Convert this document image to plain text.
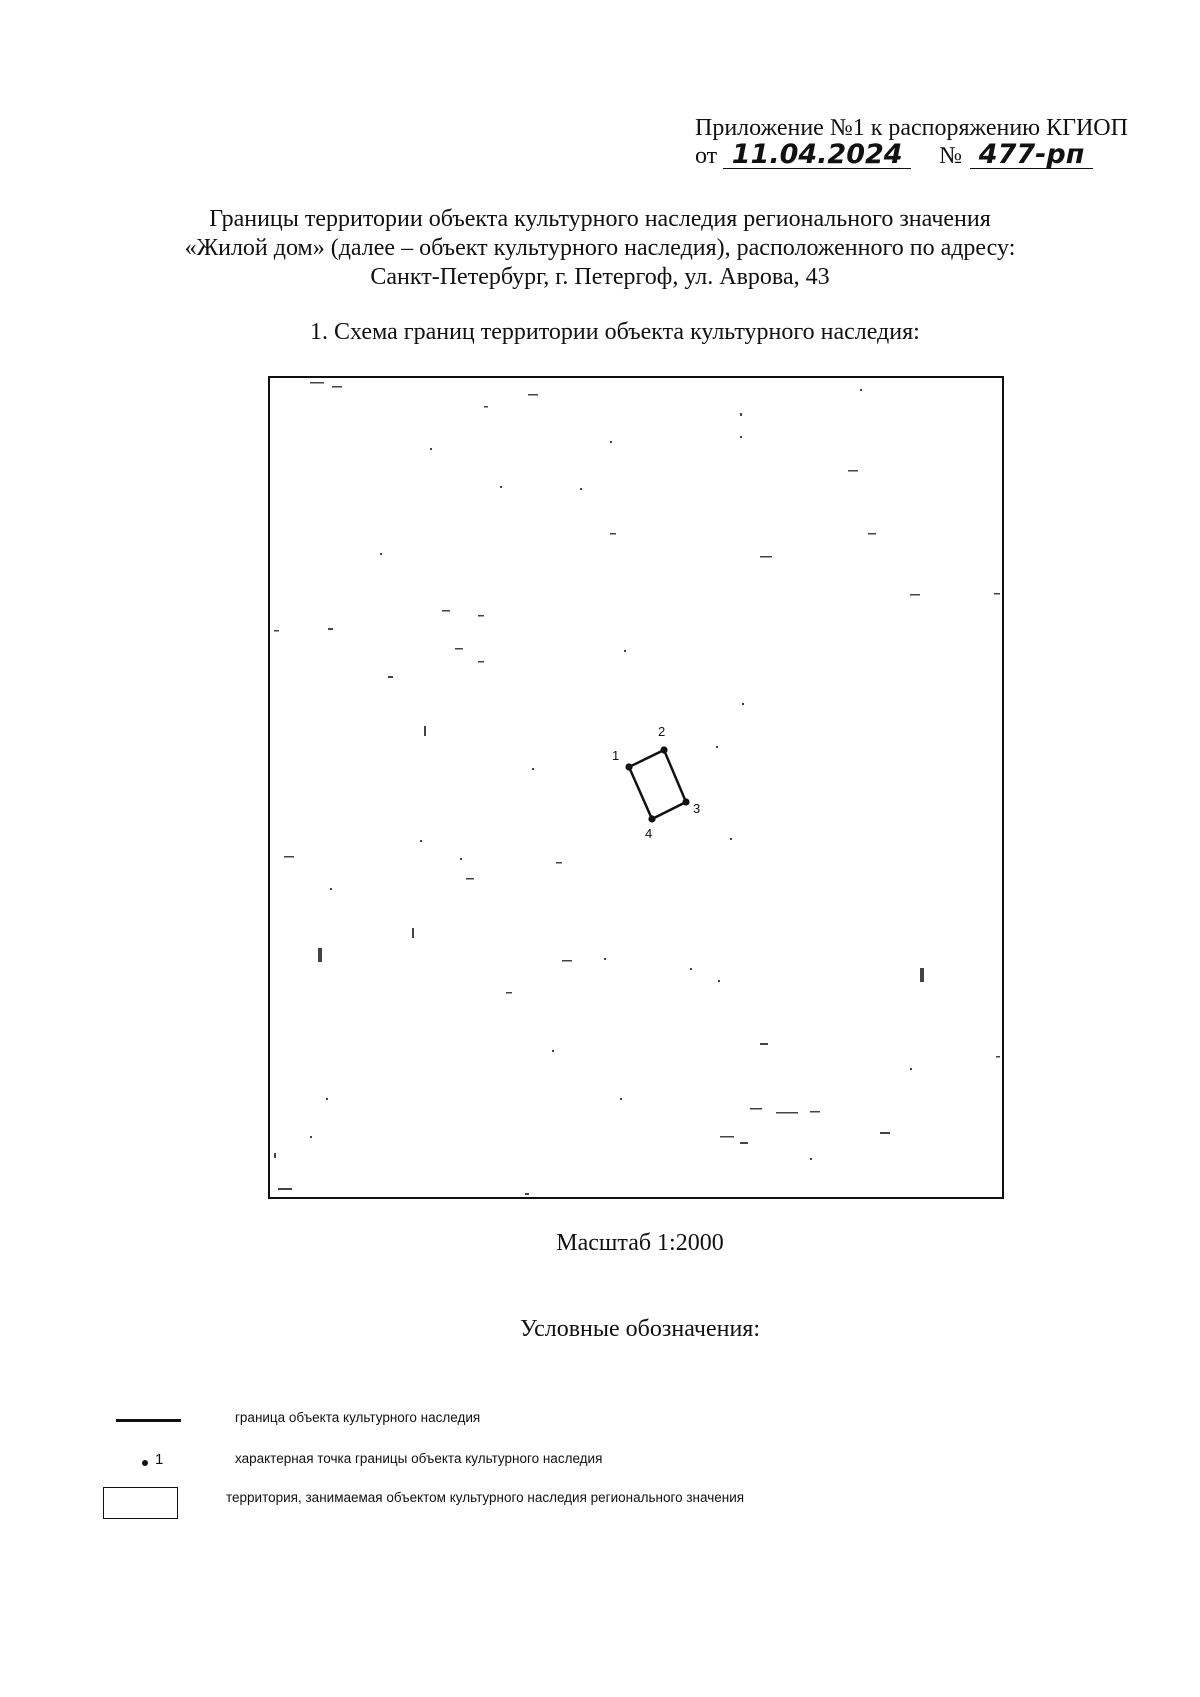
Приложение №1 к распоряжению КГИОП
от 11.04.2024 № 477-рп
Границы территории объекта культурного наследия регионального значения
«Жилой дом» (далее – объект культурного наследия), расположенного по адресу:
Санкт-Петербург, г. Петергоф, ул. Аврова, 43
1. Схема границ территории объекта культурного наследия:
1
2
3
4
Масштаб 1:2000
Условные обозначения:
граница объекта культурного наследия
1	характерная точка границы объекта культурного наследия
территория, занимаемая объектом культурного наследия регионального значения
